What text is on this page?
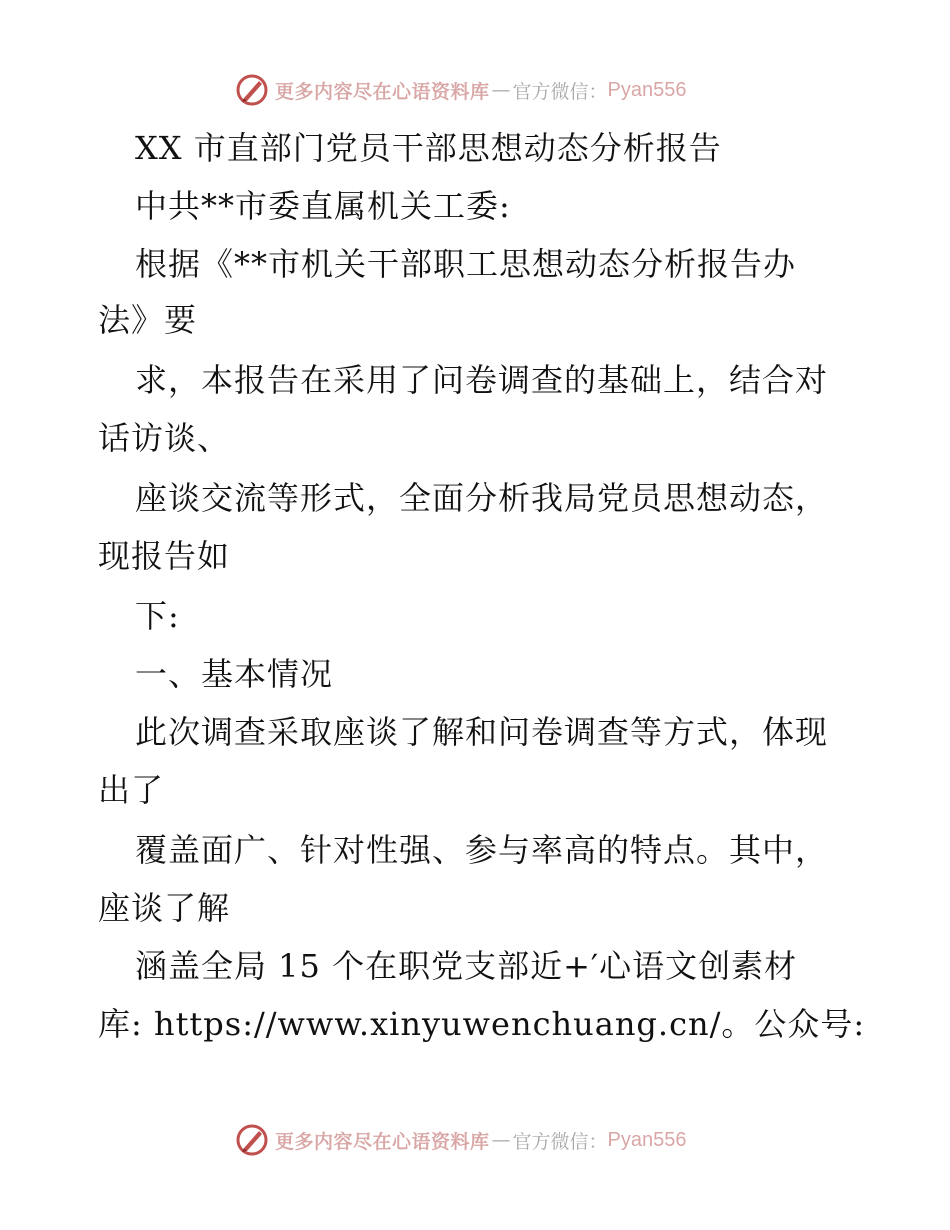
更多内容尽在心语资料库 — 官方微信： Pyan556
XX 市直部门党员干部思想动态分析报告
中共**市委直属机关工委:
根据《**市机关干部职工思想动态分析报告办
法》要
求，本报告在采用了问卷调查的基础上，结合对
话访谈、
座谈交流等形式，全面分析我局党员思想动态，
现报告如
下:
一、基本情况
此次调查采取座谈了解和问卷调查等方式，体现
出了
覆盖面广、针对性强、参与率高的特点。其中，
座谈了解
涵盖全局 15 个在职党支部近+′心语文创素材
库: https://www.xinyuwenchuang.cn/。公众号:
更多内容尽在心语资料库 — 官方微信： Pyan556
